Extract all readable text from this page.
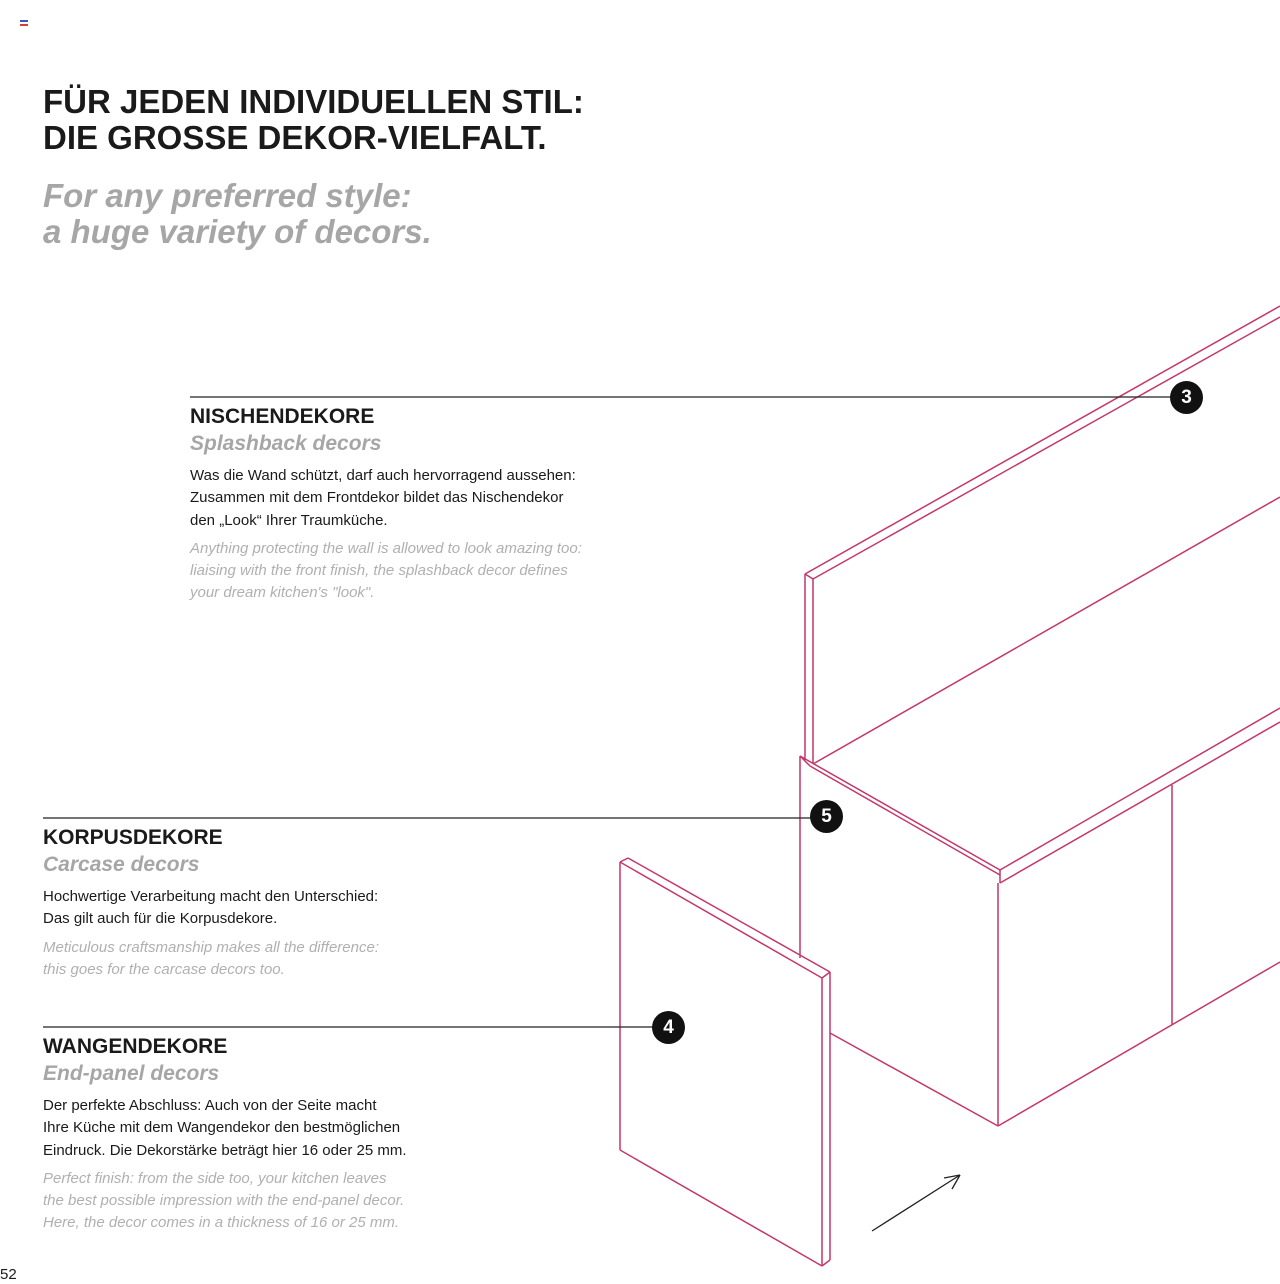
FÜR JEDEN INDIVIDUELLEN STIL:
DIE GROSSE DEKOR-VIELFALT.
For any preferred style:
a huge variety of decors.
3
5
4
NISCHENDEKORE
Splashback decors
Was die Wand schützt, darf auch hervorragend aussehen:
Zusammen mit dem Frontdekor bildet das Nischendekor
den „Look“ Ihrer Traumküche.
Anything protecting the wall is allowed to look amazing too:
liaising with the front finish, the splashback decor defines
your dream kitchen's "look".
KORPUSDEKORE
Carcase decors
Hochwertige Verarbeitung macht den Unterschied:
Das gilt auch für die Korpusdekore.
Meticulous craftsmanship makes all the difference:
this goes for the carcase decors too.
WANGENDEKORE
End-panel decors
Der perfekte Abschluss: Auch von der Seite macht
Ihre Küche mit dem Wangendekor den bestmöglichen
Eindruck. Die Dekorstärke beträgt hier 16 oder 25 mm.
Perfect finish: from the side too, your kitchen leaves
the best possible impression with the end-panel decor.
Here, the decor comes in a thickness of 16 or 25 mm.
52
